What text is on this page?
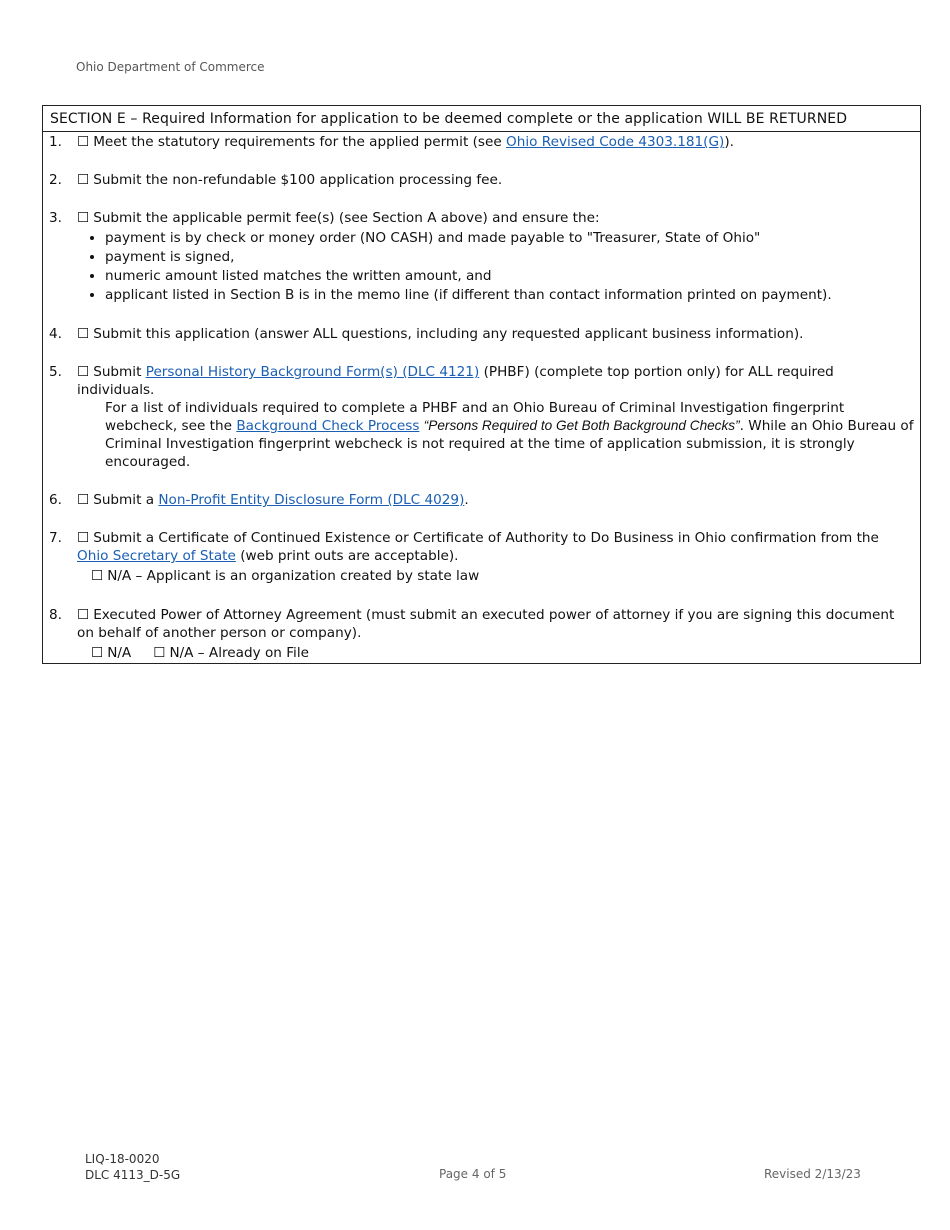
Ohio Department of Commerce
SECTION E – Required Information for application to be deemed complete or the application WILL BE RETURNED
1. ☐ Meet the statutory requirements for the applied permit (see Ohio Revised Code 4303.181(G)).
2. ☐ Submit the non-refundable $100 application processing fee.
3. ☐ Submit the applicable permit fee(s) (see Section A above) and ensure the:
• payment is by check or money order (NO CASH) and made payable to "Treasurer, State of Ohio"
• payment is signed,
• numeric amount listed matches the written amount, and
• applicant listed in Section B is in the memo line (if different than contact information printed on payment).
4. ☐ Submit this application (answer ALL questions, including any requested applicant business information).
5. ☐ Submit Personal History Background Form(s) (DLC 4121) (PHBF) (complete top portion only) for ALL required individuals.
For a list of individuals required to complete a PHBF and an Ohio Bureau of Criminal Investigation fingerprint webcheck, see the Background Check Process “Persons Required to Get Both Background Checks”. While an Ohio Bureau of Criminal Investigation fingerprint webcheck is not required at the time of application submission, it is strongly encouraged.
6. ☐ Submit a Non-Profit Entity Disclosure Form (DLC 4029).
7. ☐ Submit a Certificate of Continued Existence or Certificate of Authority to Do Business in Ohio confirmation from the Ohio Secretary of State (web print outs are acceptable).
☐ N/A – Applicant is an organization created by state law
8. ☐ Executed Power of Attorney Agreement (must submit an executed power of attorney if you are signing this document on behalf of another person or company).
☐ N/A ☐ N/A – Already on File
LIQ-18-0020
DLC 4113_D-5G	Page 4 of 5	Revised 2/13/23
